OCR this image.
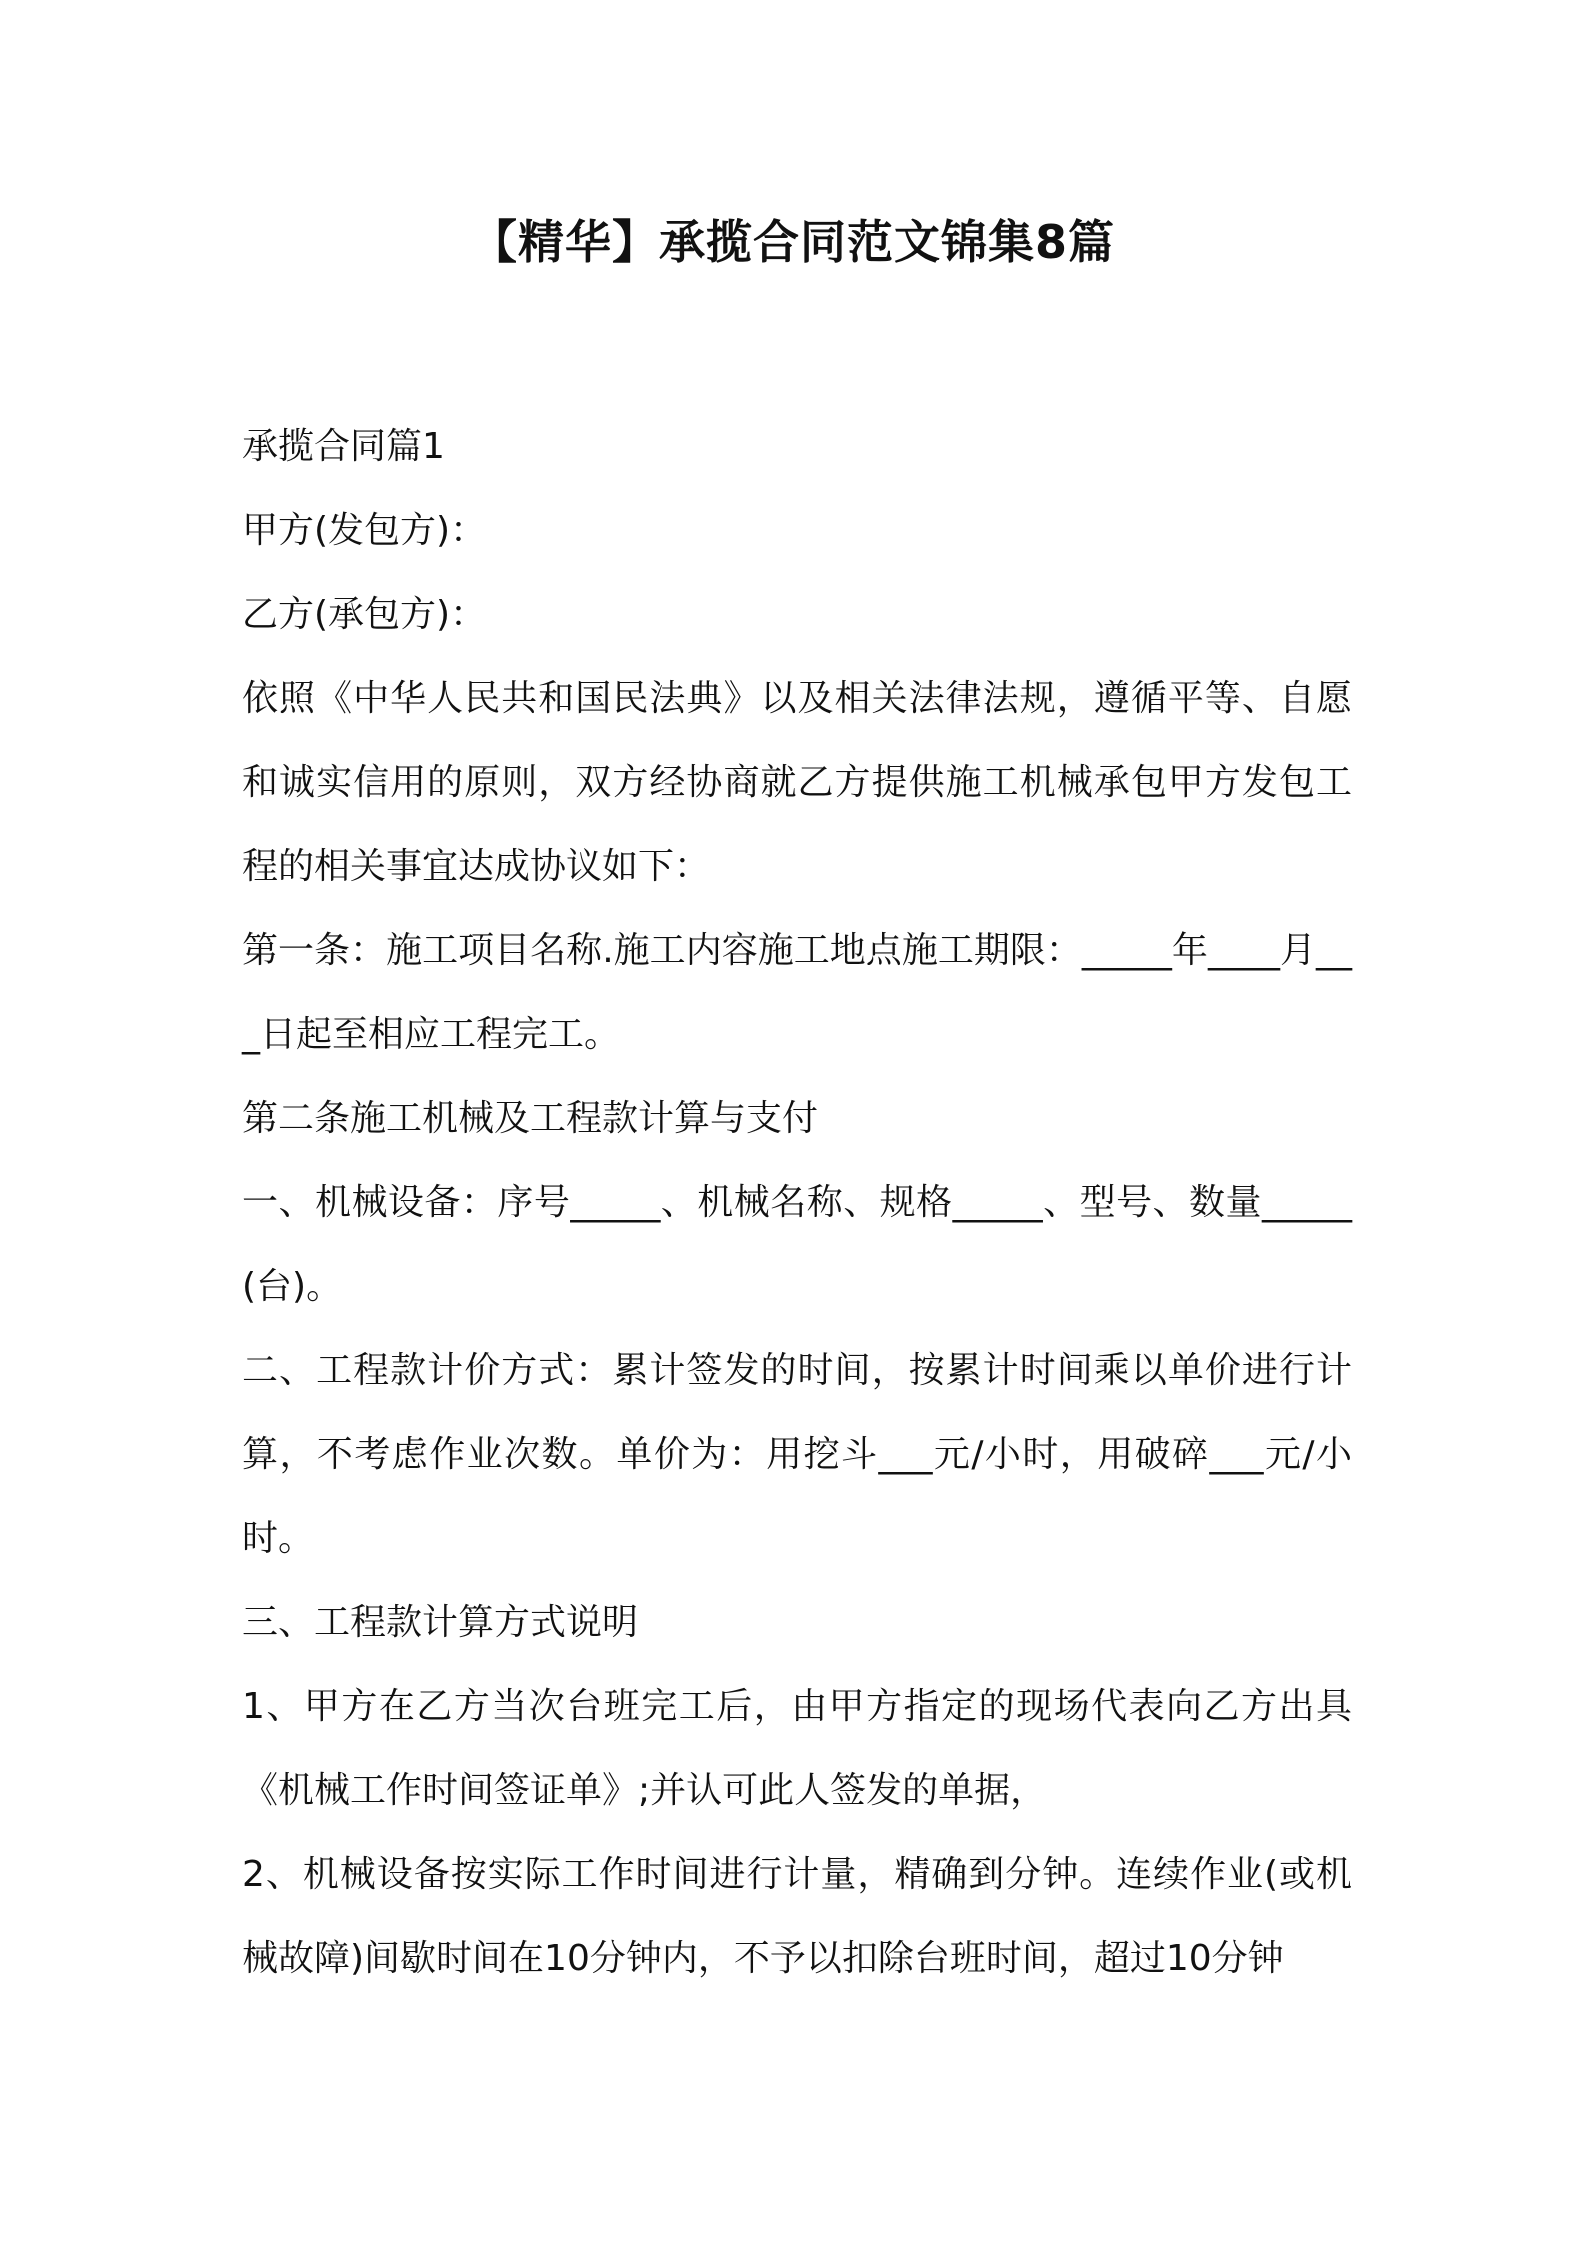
【精华】承揽合同范文锦集8篇

承揽合同篇1

甲方(发包方)：

乙方(承包方)：

依照《中华人民共和国民法典》以及相关法律法规，遵循平等、自愿和诚实信用的原则，双方经协商就乙方提供施工机械承包甲方发包工程的相关事宜达成协议如下：

第一条：施工项目名称.施工内容施工地点施工期限：_____年____月___日起至相应工程完工。

第二条施工机械及工程款计算与支付

一、机械设备：序号_____、机械名称、规格_____、型号、数量_____(台)。

二、工程款计价方式：累计签发的时间，按累计时间乘以单价进行计算，不考虑作业次数。单价为：用挖斗___元/小时，用破碎___元/小时。

三、工程款计算方式说明

1、甲方在乙方当次台班完工后，由甲方指定的现场代表向乙方出具《机械工作时间签证单》;并认可此人签发的单据，

2、机械设备按实际工作时间进行计量，精确到分钟。连续作业(或机械故障)间歇时间在10分钟内，不予以扣除台班时间，超过10分钟
